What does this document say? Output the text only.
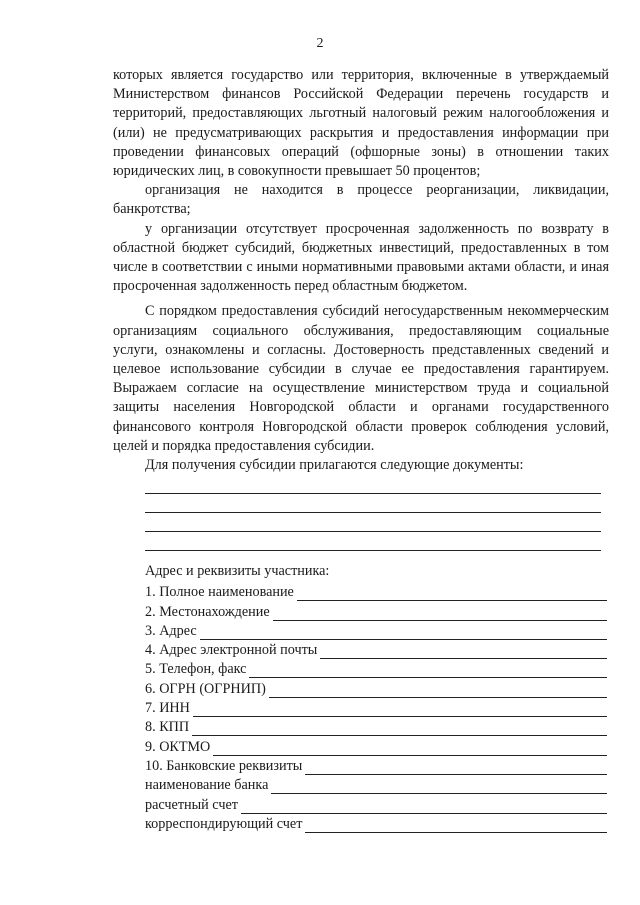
2

которых является государство или территория, включенные в утверждаемый Министерством финансов Российской Федерации перечень государств и территорий, предоставляющих льготный налоговый режим налогообложения и (или) не предусматривающих раскрытия и предоставления информации при проведении финансовых операций (офшорные зоны) в отношении таких юридических лиц, в совокупности превышает 50 процентов;

организация не находится в процессе реорганизации, ликвидации, банкротства;

у организации отсутствует просроченная задолженность по возврату в областной бюджет субсидий, бюджетных инвестиций, предоставленных в том числе в соответствии с иными нормативными правовыми актами области, и иная просроченная задолженность перед областным бюджетом.

С порядком предоставления субсидий негосударственным некоммерческим организациям социального обслуживания, предоставляющим социальные услуги, ознакомлены и согласны. Достоверность представленных сведений и целевое использование субсидии в случае ее предоставления гарантируем. Выражаем согласие на осуществление министерством труда и социальной защиты населения Новгородской области и органами государственного финансового контроля Новгородской области проверок соблюдения условий, целей и порядка предоставления субсидии.

Для получения субсидии прилагаются следующие документы:
Адрес и реквизиты участника:
1. Полное наименование
2. Местонахождение
3. Адрес
4. Адрес электронной почты
5. Телефон, факс
6. ОГРН (ОГРНИП)
7. ИНН
8. КПП
9. ОКТМО
10. Банковские реквизиты
наименование банка
расчетный счет
корреспондирующий счет
